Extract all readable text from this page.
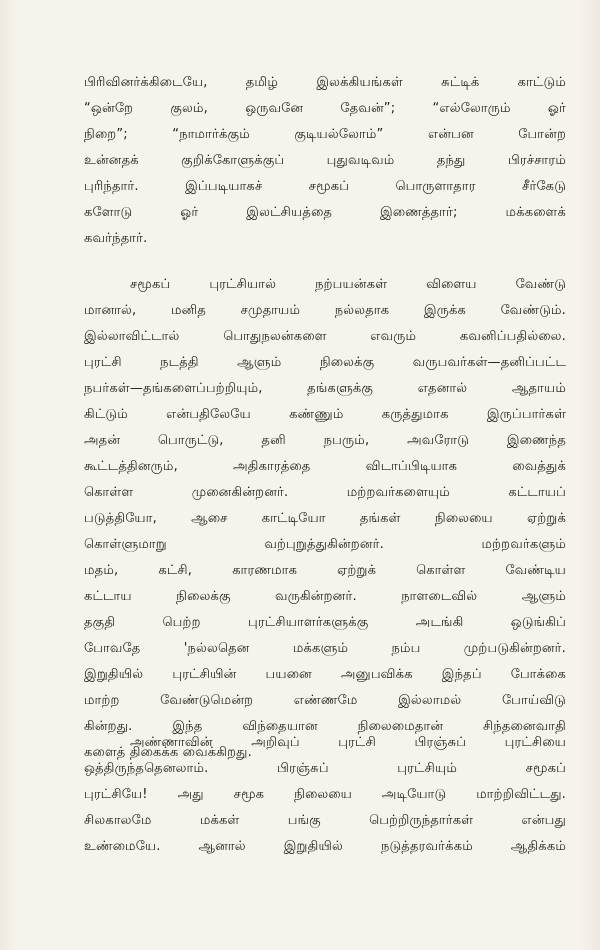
பிரிவினர்க்கிடையே, தமிழ் இலக்கியங்கள் சுட்டிக் காட்டும்
“ஒன்றே குலம், ஒருவனே தேவன்”; “எல்லோரும் ஓர்
நிறை”; “நாமார்க்கும் குடியல்லோம்” என்பன போன்ற
உன்னதக் குறிக்கோளுக்குப் புதுவடிவம் தந்து பிரச்சாரம்
புரிந்தார். இப்படியாகச் சமூகப் பொருளாதார சீர்கேடு
களோடு ஓர் இலட்சியத்தை இணைத்தார்; மக்களைக்
கவர்ந்தார்.
சமூகப் புரட்சியால் நற்பயன்கள் விளைய வேண்டு
மானால், மனித சமுதாயம் நல்லதாக இருக்க வேண்டும்.
இல்லாவிட்டால் பொதுநலன்களை எவரும் கவனிப்பதில்லை.
புரட்சி நடத்தி ஆளும் நிலைக்கு வருபவர்கள்—தனிப்பட்ட
நபர்கள்—தங்களைப்பற்றியும், தங்களுக்கு எதனால் ஆதாயம்
கிட்டும் என்பதிலேயே கண்ணும் கருத்துமாக இருப்பார்கள்
அதன் பொருட்டு, தனி நபரும், அவரோடு இணைந்த
கூட்டத்தினரும், அதிகாரத்தை விடாப்பிடியாக வைத்துக்
கொள்ள முனைகின்றனர். மற்றவர்களையும் கட்டாயப்
படுத்தியோ, ஆசை காட்டியோ தங்கள் நிலையை ஏற்றுக்
கொள்ளுமாறு வற்புறுத்துகின்றனர். மற்றவர்களும்
மதம், கட்சி, காரணமாக ஏற்றுக் கொள்ள வேண்டிய
கட்டாய நிலைக்கு வருகின்றனர். நாளடைவில் ஆளும்
தகுதி பெற்ற புரட்சியாளர்களுக்கு அடங்கி ஒடுங்கிப்
போவதே 'நல்லதென மக்களும் நம்ப முற்படுகின்றனர்.
இறுதியில் புரட்சியின் பயனை அனுபவிக்க இந்தப் போக்கை
மாற்ற வேண்டுமென்ற எண்ணமே இல்லாமல் போய்விடு
கின்றது. இந்த விந்தையான நிலைமைதான் சிந்தனைவாதி
களைத் திகைக்க வைக்கிறது.
அண்ணாவின் அறிவுப் புரட்சி பிரஞ்சுப் புரட்சியை
ஒத்திருந்ததெனலாம். பிரஞ்சுப் புரட்சியும் சமூகப்
புரட்சியே! அது சமூக நிலையை அடியோடு மாற்றிவிட்டது.
சிலகாலமே மக்கள் பங்கு பெற்றிருந்தார்கள் என்பது
உண்மையே. ஆனால் இறுதியில் நடுத்தரவர்க்கம் ஆதிக்கம்
